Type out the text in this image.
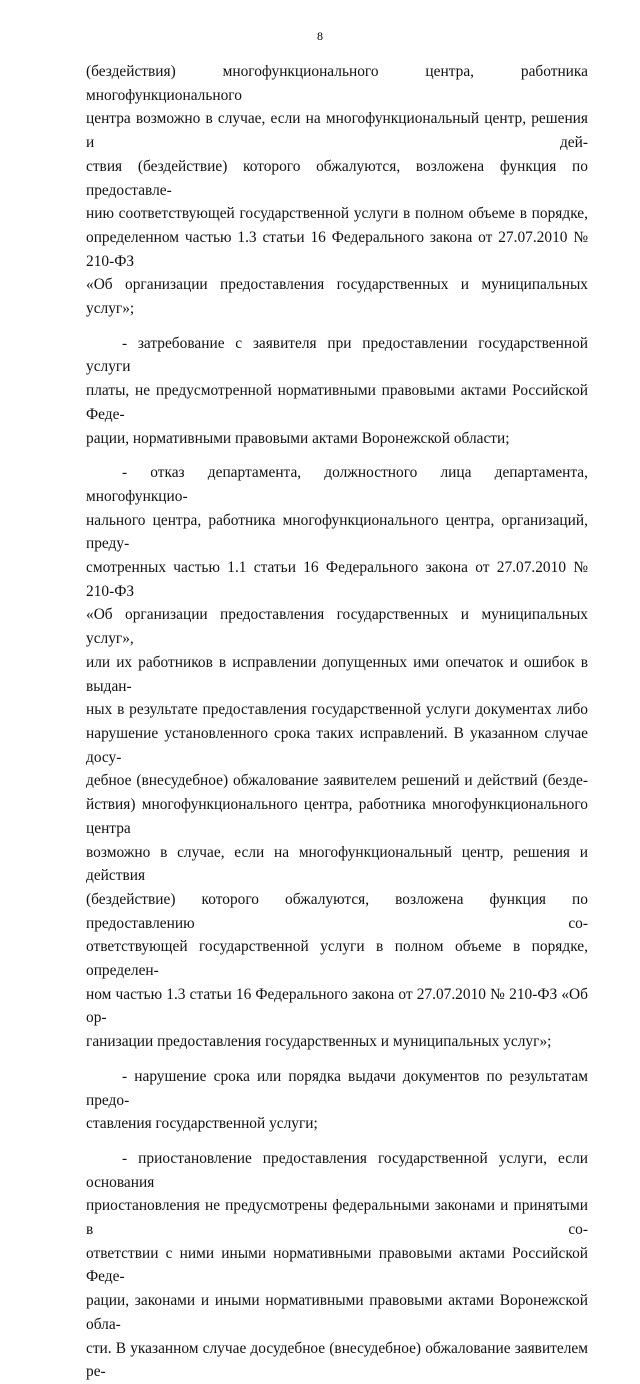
8

(бездействия) многофункционального центра, работника многофункционального

центра возможно в случае, если на многофункциональный центр, решения и дей-

ствия (бездействие) которого обжалуются, возложена функция по предоставле-

нию соответствующей государственной услуги в полном объеме в порядке,

определенном частью 1.3 статьи 16 Федерального закона от 27.07.2010 № 210-ФЗ

«Об организации предоставления государственных и муниципальных услуг»;

- затребование с заявителя при предоставлении государственной услуги

платы, не предусмотренной нормативными правовыми актами Российской Феде-

рации, нормативными правовыми актами Воронежской области;

- отказ департамента, должностного лица департамента, многофункцио-

нального центра, работника многофункционального центра, организаций, преду-

смотренных частью 1.1 статьи 16 Федерального закона от 27.07.2010 № 210-ФЗ

«Об организации предоставления государственных и муниципальных услуг»,

или их работников в исправлении допущенных ими опечаток и ошибок в выдан-

ных в результате предоставления государственной услуги документах либо

нарушение установленного срока таких исправлений. В указанном случае досу-

дебное (внесудебное) обжалование заявителем решений и действий (безде-

йствия) многофункционального центра, работника многофункционального центра

возможно в случае, если на многофункциональный центр, решения и действия

(бездействие) которого обжалуются, возложена функция по предоставлению со-

ответствующей государственной услуги в полном объеме в порядке, определен-

ном частью 1.3 статьи 16 Федерального закона от 27.07.2010 № 210-ФЗ «Об ор-

ганизации предоставления государственных и муниципальных услуг»;

- нарушение срока или порядка выдачи документов по результатам предо-

ставления государственной услуги;

- приостановление предоставления государственной услуги, если основания

приостановления не предусмотрены федеральными законами и принятыми в со-

ответствии с ними иными нормативными правовыми актами Российской Феде-

рации, законами и иными нормативными правовыми актами Воронежской обла-

сти. В указанном случае досудебное (внесудебное) обжалование заявителем ре-
